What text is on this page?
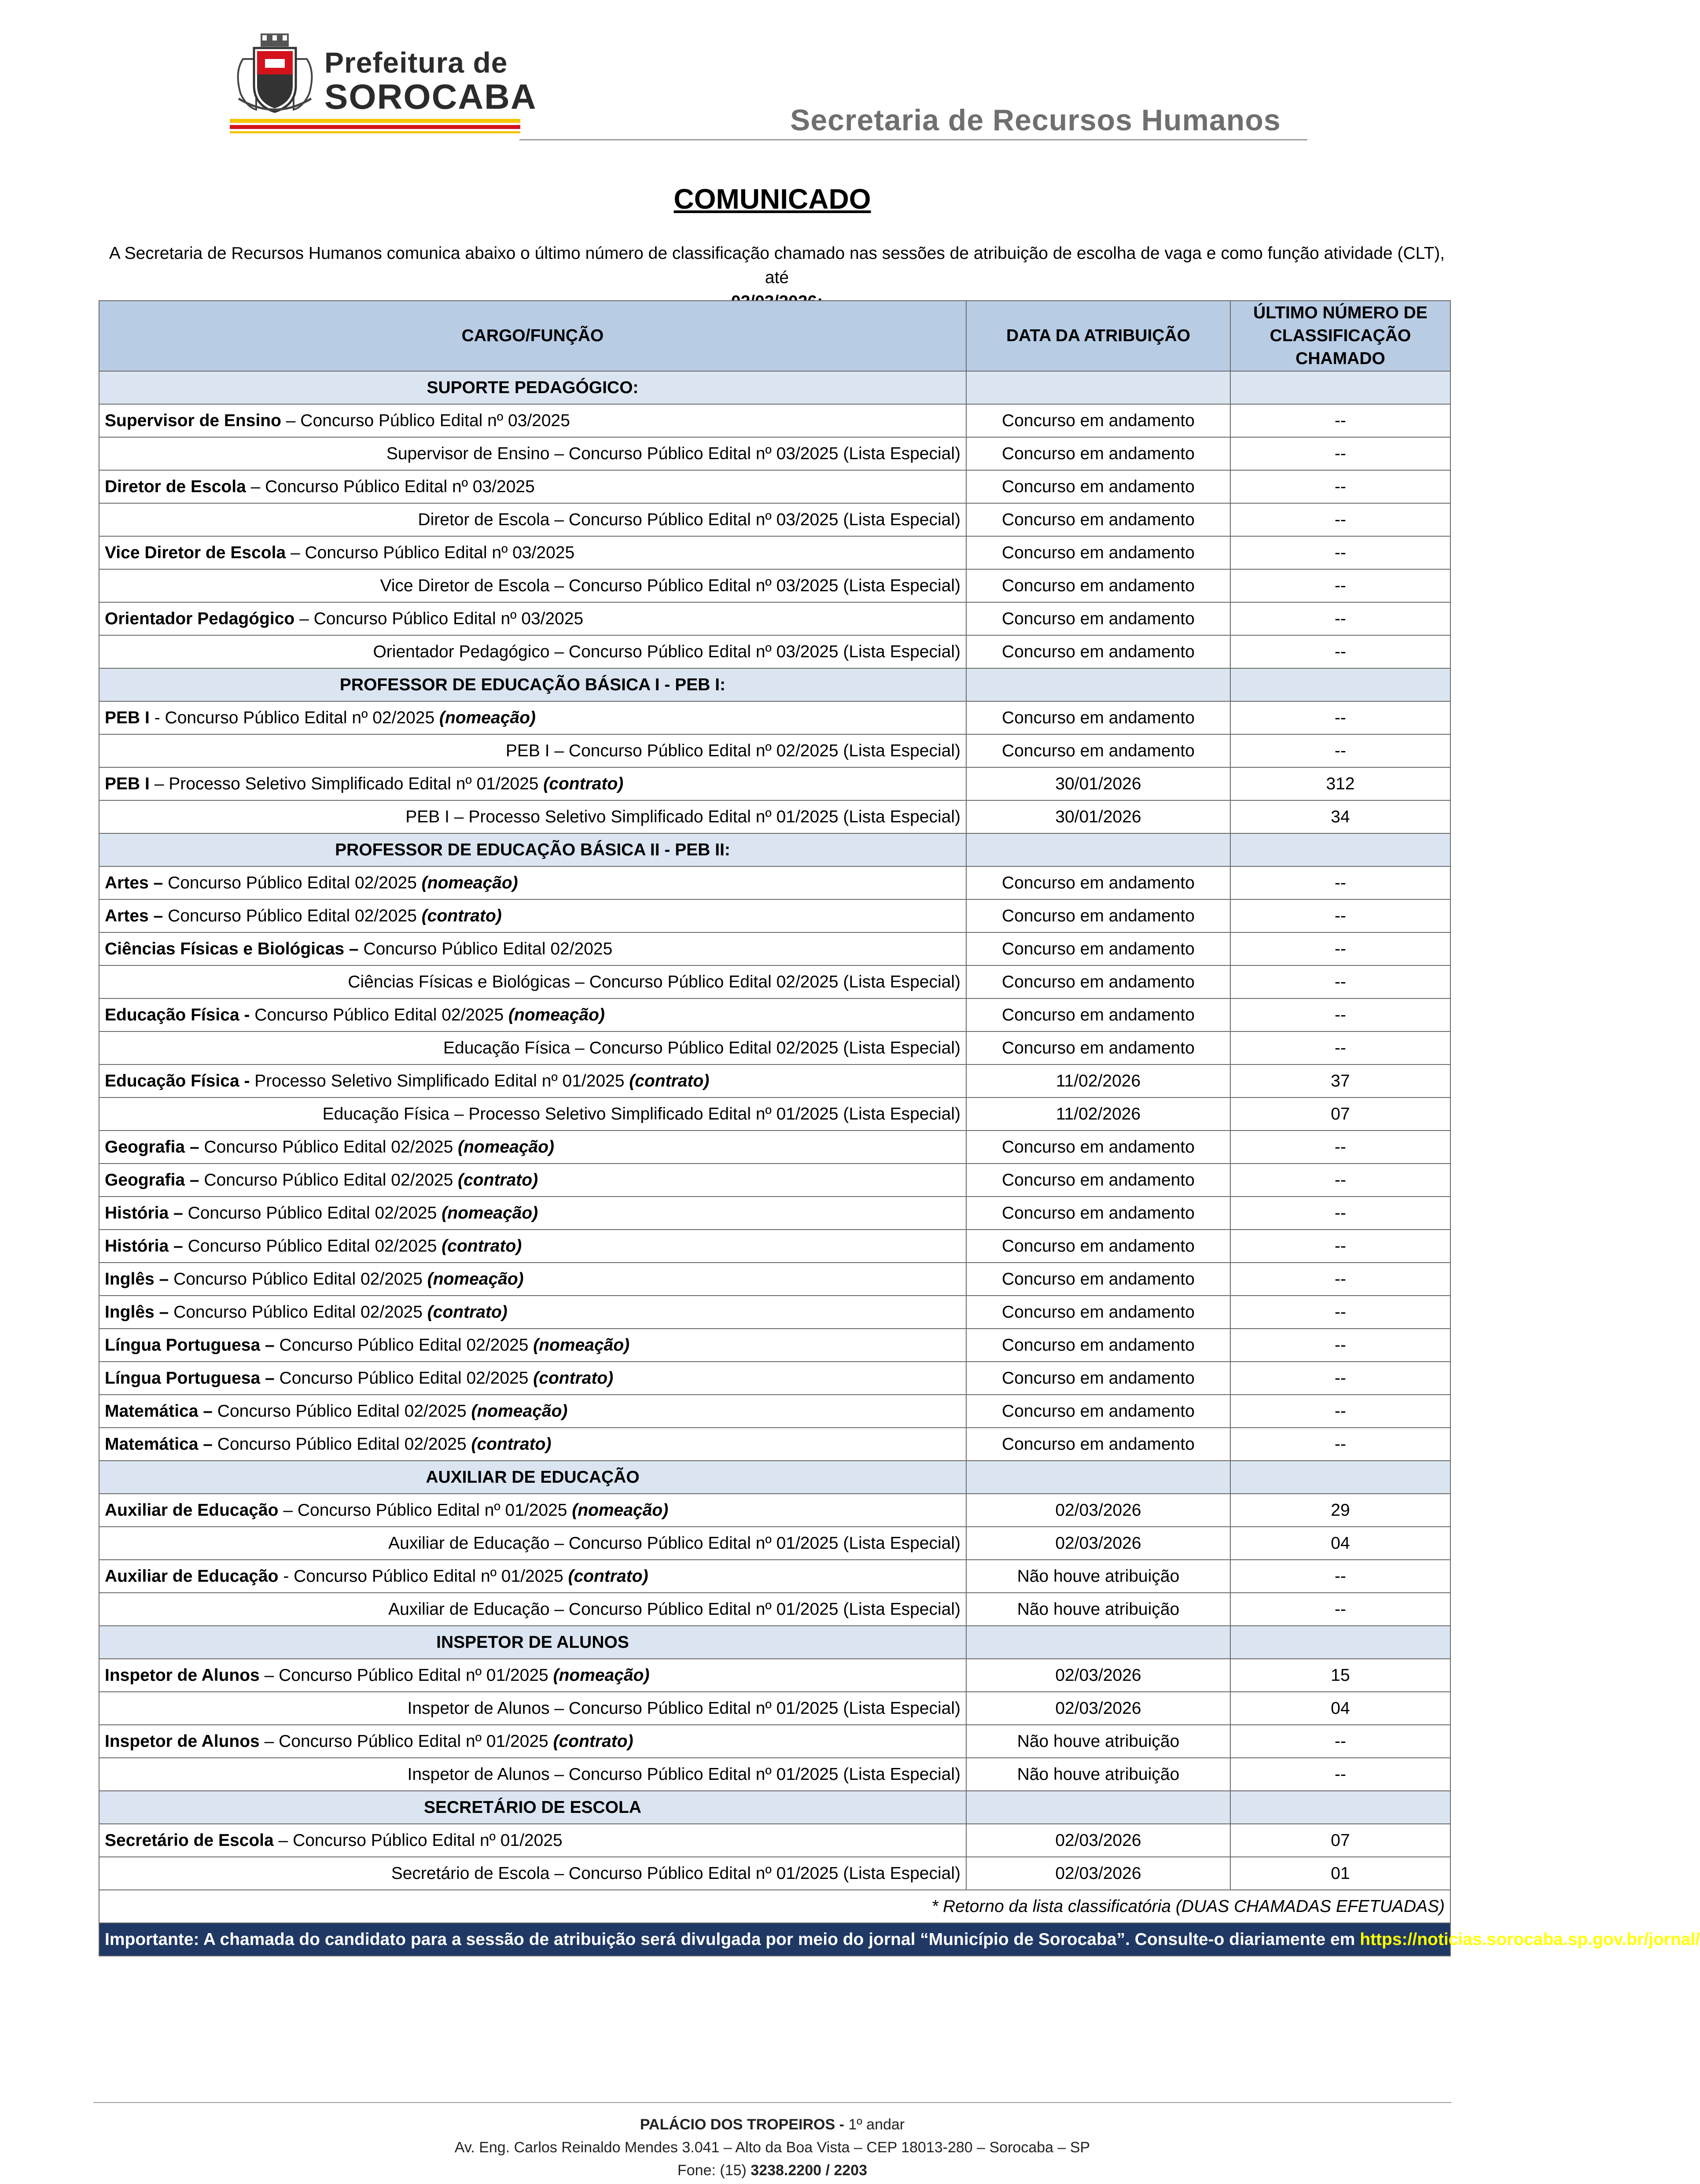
Prefeitura de
SOROCABA
Secretaria de Recursos Humanos
COMUNICADO
A Secretaria de Recursos Humanos comunica abaixo o último número de classificação chamado nas sessões de atribuição de escolha de vaga e como função atividade (CLT), até

CARGO/FUNÇÃO	DATA DA ATRIBUIÇÃO	ÚLTIMO NÚMERO DE CLASSIFICAÇÃO CHAMADO
SUPORTE PEDAGÓGICO:		
Supervisor de Ensino – Concurso Público Edital nº 03/2025	Concurso em andamento	--
Supervisor de Ensino – Concurso Público Edital nº 03/2025 (Lista Especial)	Concurso em andamento	--
Diretor de Escola – Concurso Público Edital nº 03/2025	Concurso em andamento	--
Diretor de Escola – Concurso Público Edital nº 03/2025 (Lista Especial)	Concurso em andamento	--
Vice Diretor de Escola – Concurso Público Edital nº 03/2025	Concurso em andamento	--
Vice Diretor de Escola – Concurso Público Edital nº 03/2025 (Lista Especial)	Concurso em andamento	--
Orientador Pedagógico – Concurso Público Edital nº 03/2025	Concurso em andamento	--
Orientador Pedagógico – Concurso Público Edital nº 03/2025 (Lista Especial)	Concurso em andamento	--
PROFESSOR DE EDUCAÇÃO BÁSICA I - PEB I:		
PEB I - Concurso Público Edital nº 02/2025 (nomeação)	Concurso em andamento	--
PEB I – Concurso Público Edital nº 02/2025 (Lista Especial)	Concurso em andamento	--
PEB I – Processo Seletivo Simplificado Edital nº 01/2025 (contrato)	30/01/2026	312
PEB I – Processo Seletivo Simplificado Edital nº 01/2025 (Lista Especial)	30/01/2026	34
PROFESSOR DE EDUCAÇÃO BÁSICA II - PEB II:		
Artes – Concurso Público Edital 02/2025 (nomeação)	Concurso em andamento	--
Artes – Concurso Público Edital 02/2025 (contrato)	Concurso em andamento	--
Ciências Físicas e Biológicas – Concurso Público Edital 02/2025	Concurso em andamento	--
Ciências Físicas e Biológicas – Concurso Público Edital 02/2025 (Lista Especial)	Concurso em andamento	--
Educação Física - Concurso Público Edital 02/2025 (nomeação)	Concurso em andamento	--
Educação Física – Concurso Público Edital 02/2025 (Lista Especial)	Concurso em andamento	--
Educação Física - Processo Seletivo Simplificado Edital nº 01/2025 (contrato)	11/02/2026	37
Educação Física – Processo Seletivo Simplificado Edital nº 01/2025 (Lista Especial)	11/02/2026	07
Geografia – Concurso Público Edital 02/2025 (nomeação)	Concurso em andamento	--
Geografia – Concurso Público Edital 02/2025 (contrato)	Concurso em andamento	--
História – Concurso Público Edital 02/2025 (nomeação)	Concurso em andamento	--
História – Concurso Público Edital 02/2025 (contrato)	Concurso em andamento	--
Inglês – Concurso Público Edital 02/2025 (nomeação)	Concurso em andamento	--
Inglês – Concurso Público Edital 02/2025 (contrato)	Concurso em andamento	--
Língua Portuguesa – Concurso Público Edital 02/2025 (nomeação)	Concurso em andamento	--
Língua Portuguesa – Concurso Público Edital 02/2025 (contrato)	Concurso em andamento	--
Matemática – Concurso Público Edital 02/2025 (nomeação)	Concurso em andamento	--
Matemática – Concurso Público Edital 02/2025 (contrato)	Concurso em andamento	--
AUXILIAR DE EDUCAÇÃO		
Auxiliar de Educação – Concurso Público Edital nº 01/2025 (nomeação)	02/03/2026	29
Auxiliar de Educação – Concurso Público Edital nº 01/2025 (Lista Especial)	02/03/2026	04
Auxiliar de Educação - Concurso Público Edital nº 01/2025 (contrato)	Não houve atribuição	--
Auxiliar de Educação – Concurso Público Edital nº 01/2025 (Lista Especial)	Não houve atribuição	--
INSPETOR DE ALUNOS		
Inspetor de Alunos – Concurso Público Edital nº 01/2025 (nomeação)	02/03/2026	15
Inspetor de Alunos – Concurso Público Edital nº 01/2025 (Lista Especial)	02/03/2026	04
Inspetor de Alunos – Concurso Público Edital nº 01/2025 (contrato)	Não houve atribuição	--
Inspetor de Alunos – Concurso Público Edital nº 01/2025 (Lista Especial)	Não houve atribuição	--
SECRETÁRIO DE ESCOLA		
Secretário de Escola – Concurso Público Edital nº 01/2025	02/03/2026	07
Secretário de Escola – Concurso Público Edital nº 01/2025 (Lista Especial)	02/03/2026	01
* Retorno da lista classificatória (DUAS CHAMADAS EFETUADAS)		
Importante: A chamada do candidato para a sessão de atribuição será divulgada por meio do jornal “Município de Sorocaba”. Consulte-o diariamente em https://noticias.sorocaba.sp.gov.br/jornal/		
PALÁCIO DOS TROPEIROS - 1º andar
Av. Eng. Carlos Reinaldo Mendes 3.041 – Alto da Boa Vista – CEP 18013-280 – Sorocaba – SP
Fone: (15) 3238.2200 / 2203
